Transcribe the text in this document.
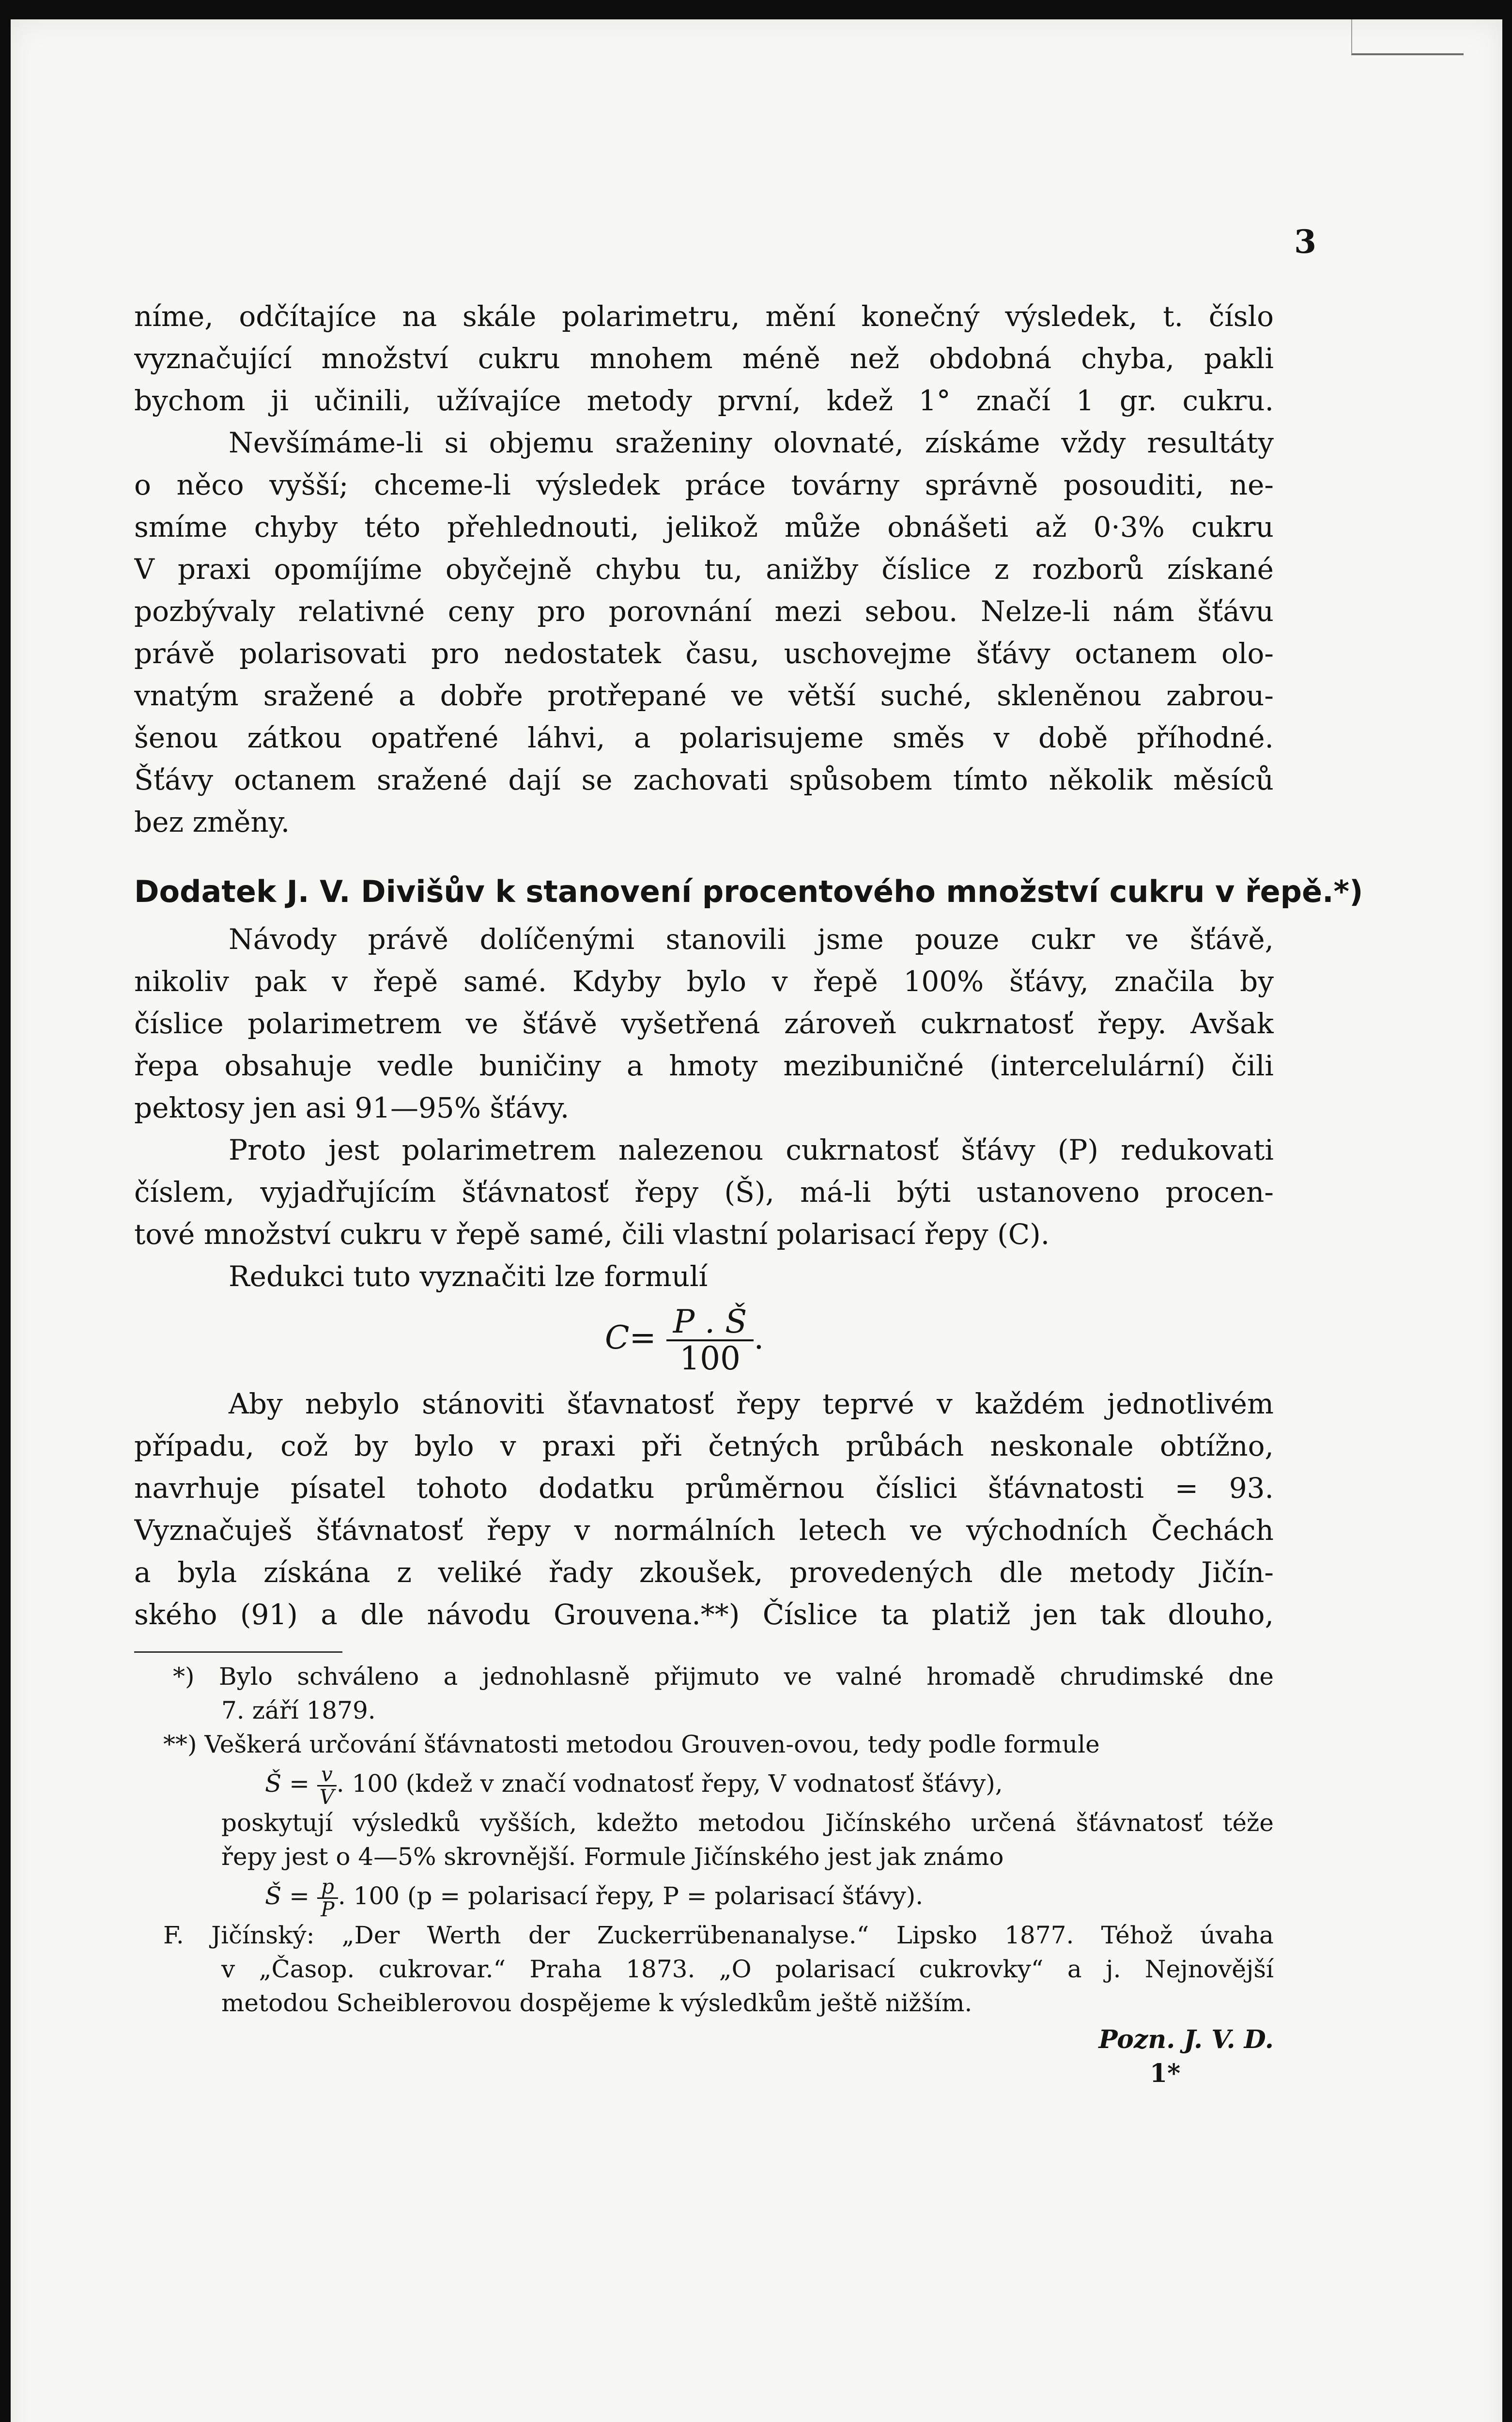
3
níme, odčítajíce na skále polarimetru, mění konečný výsledek, t. číslo
vyznačující množství cukru mnohem méně než obdobná chyba, pakli
bychom ji učinili, užívajíce metody první, kdež 1° značí 1 gr. cukru.
Nevšímáme-li si objemu sraženiny olovnaté, získáme vždy resultáty
o něco vyšší; chceme-li výsledek práce továrny správně posouditi, ne-
smíme chyby této přehlednouti, jelikož může obnášeti až 0·3% cukru
V praxi opomíjíme obyčejně chybu tu, anižby číslice z rozborů získané
pozbývaly relativné ceny pro porovnání mezi sebou. Nelze-li nám šťávu
právě polarisovati pro nedostatek času, uschovejme šťávy octanem olo-
vnatým sražené a dobře protřepané ve větší suché, skleněnou zabrou-
šenou zátkou opatřené láhvi, a polarisujeme směs v době příhodné.
Šťávy octanem sražené dají se zachovati spůsobem tímto několik měsíců
bez změny.
Dodatek J. V. Divišův k stanovení procentového množství cukru v řepě.*)
Návody právě dolíčenými stanovili jsme pouze cukr ve šťávě,
nikoliv pak v řepě samé. Kdyby bylo v řepě 100% šťávy, značila by
číslice polarimetrem ve šťávě vyšetřená zároveň cukrnatosť řepy. Avšak
řepa obsahuje vedle buničiny a hmoty mezibuničné (intercelulární) čili
pektosy jen asi 91—95% šťávy.
Proto jest polarimetrem nalezenou cukrnatosť šťávy (P) redukovati
číslem, vyjadřujícím šťávnatosť řepy (Š), má-li býti ustanoveno procen-
tové množství cukru v řepě samé, čili vlastní polarisací řepy (C).
Redukci tuto vyznačiti lze formulí
$C= \frac{P . Š}{100}$ .
Aby nebylo stánoviti šťavnatosť řepy teprvé v každém jednotlivém
případu, což by bylo v praxi při četných průbách neskonale obtížno,
navrhuje písatel tohoto dodatku průměrnou číslici šťávnatosti = 93.
Vyznačuješ šťávnatosť řepy v normálních letech ve východních Čechách
a byla získána z veliké řady zkoušek, provedených dle metody Jičín-
ského (91) a dle návodu Grouvena.**) Číslice ta platiž jen tak dlouho,
*) Bylo schváleno a jednohlasně přijmuto ve valné hromadě chrudimské dne
7. září 1879.
**) Veškerá určování šťávnatosti metodou Grouven-ovou, tedy podle formule
Š = $\frac{v}{V}$ . 100 (kdež v značí vodnatosť řepy, V vodnatosť šťávy),
poskytují výsledků vyšších, kdežto metodou Jičínského určená šťávnatosť téže
řepy jest o 4—5% skrovnější. Formule Jičínského jest jak známo
Š = $\frac{p}{P}$ . 100 (p = polarisací řepy, P = polarisací šťávy).
F. Jičínský: „Der Werth der Zuckerrübenanalyse.“ Lipsko 1877. Téhož úvaha
v „Časop. cukrovar.“ Praha 1873. „O polarisací cukrovky“ a j. Nejnovější
metodou Scheiblerovou dospějeme k výsledkům ještě nižším.
Pozn. J. V. D.
1*
